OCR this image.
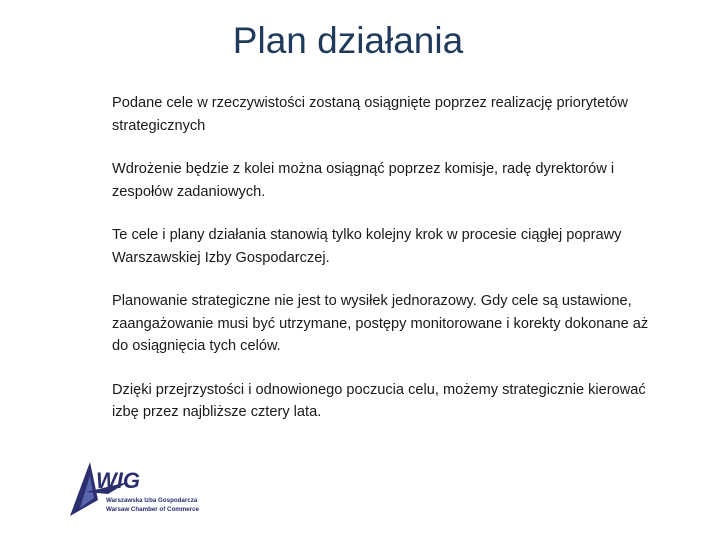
Plan działania

Podane cele w rzeczywistości zostaną osiągnięte poprzez realizację priorytetów strategicznych

Wdrożenie będzie z kolei można osiągnąć poprzez komisje, radę dyrektorów i zespołów zadaniowych.

Te cele i plany działania stanowią tylko kolejny krok w procesie ciągłej poprawy Warszawskiej Izby Gospodarczej.

Planowanie strategiczne nie jest to wysiłek jednorazowy. Gdy cele są ustawione, zaangażowanie musi być utrzymane, postępy monitorowane i korekty dokonane aż do osiągnięcia tych celów.

Dzięki przejrzystości i odnowionego poczucia celu, możemy strategicznie kierować izbę przez najbliższe cztery lata.

WIG
Warszawska Izba Gospodarcza
Warsaw Chamber of Commerce
